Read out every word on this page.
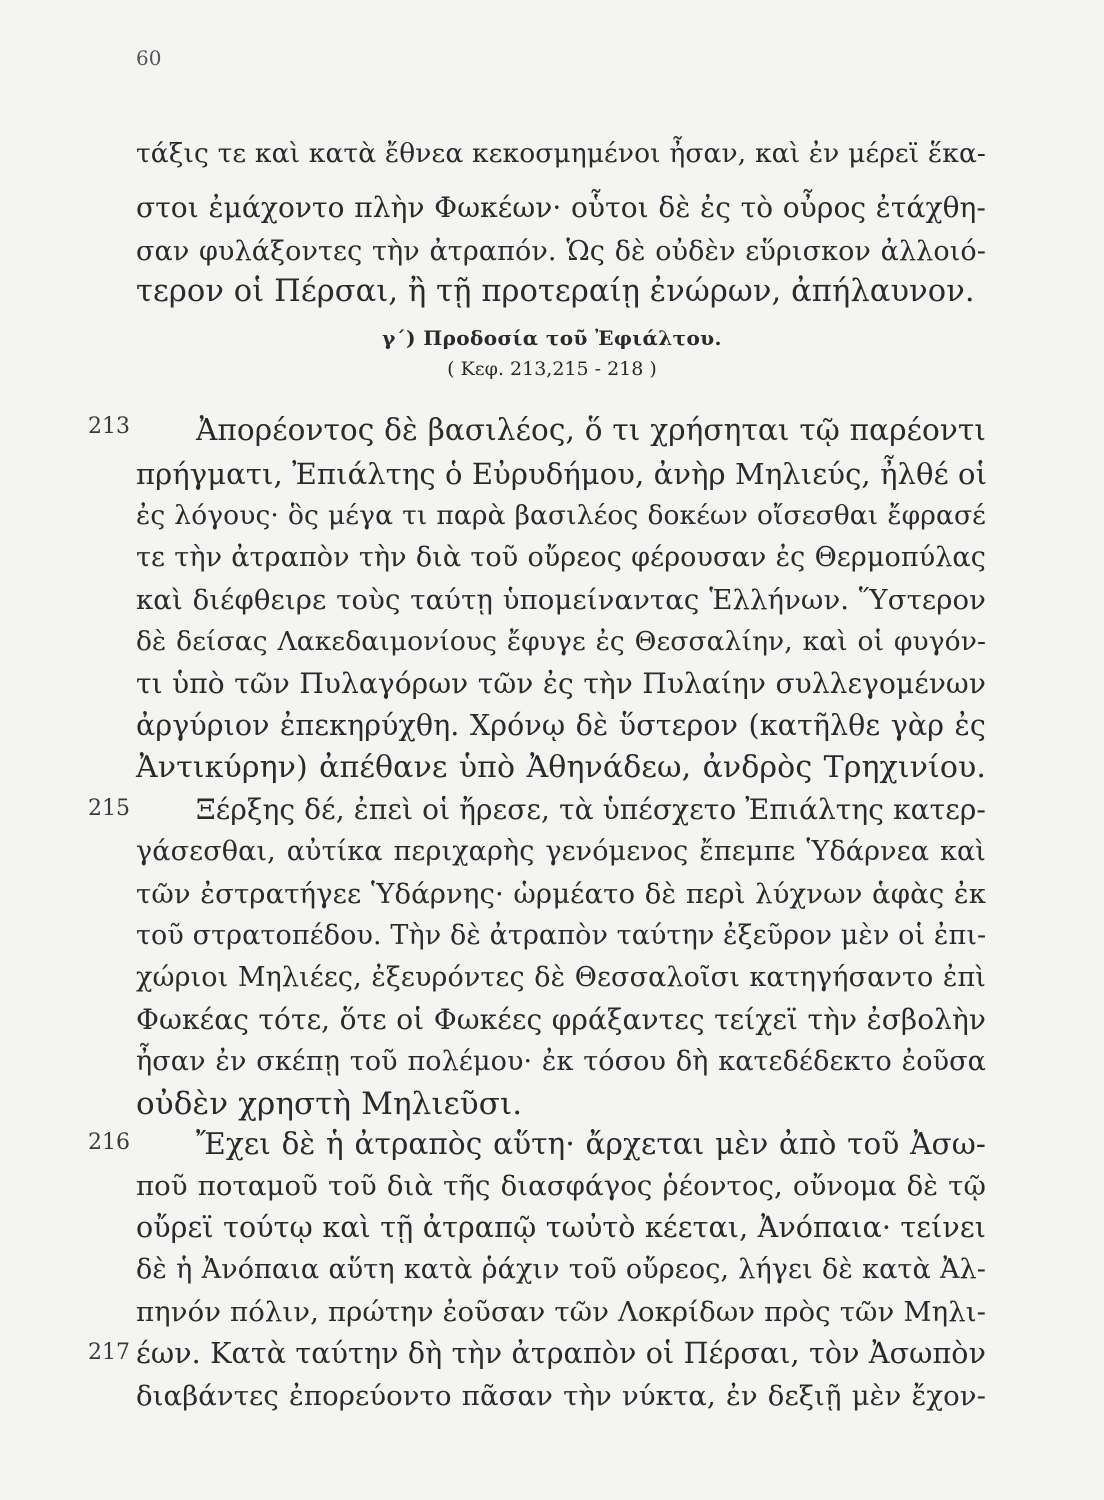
60
τάξις τε καὶ κατὰ ἔθνεα κεκοσμημένοι ἦσαν, καὶ ἐν μέρεϊ ἕκα-
στοι ἐμάχοντο πλὴν Φωκέων· οὗτοι δὲ ἐς τὸ οὖρος ἐτάχθη-
σαν φυλάξοντες τὴν ἀτραπόν. Ὡς δὲ οὐδὲν εὕρισκον ἀλλοιό-
τερον οἱ Πέρσαι, ἢ τῇ προτεραίῃ ἐνώρων, ἀπήλαυνον.
γ΄) Προδοσία τοῦ Ἐφιάλτου.
( Κεφ. 213,215 - 218 )
213 Ἀπορέοντος δὲ βασιλέος, ὅ τι χρήσηται τῷ παρέοντι
πρήγματι, Ἐπιάλτης ὁ Εὐρυδήμου, ἀνὴρ Μηλιεύς, ἦλθέ οἱ
ἐς λόγους· ὃς μέγα τι παρὰ βασιλέος δοκέων οἴσεσθαι ἔφρασέ
τε τὴν ἀτραπὸν τὴν διὰ τοῦ οὔρεος φέρουσαν ἐς Θερμοπύλας
καὶ διέφθειρε τοὺς ταύτῃ ὑπομείναντας Ἑλλήνων. Ὕστερον
δὲ δείσας Λακεδαιμονίους ἔφυγε ἐς Θεσσαλίην, καὶ οἱ φυγόν-
τι ὑπὸ τῶν Πυλαγόρων τῶν ἐς τὴν Πυλαίην συλλεγομένων
ἀργύριον ἐπεκηρύχθη. Χρόνῳ δὲ ὕστερον (κατῆλθε γὰρ ἐς
Ἀντικύρην) ἀπέθανε ὑπὸ Ἀθηνάδεω, ἀνδρὸς Τρηχινίου.
215 Ξέρξης δέ, ἐπεὶ οἱ ἤρεσε, τὰ ὑπέσχετο Ἐπιάλτης κατερ-
γάσεσθαι, αὐτίκα περιχαρὴς γενόμενος ἔπεμπε Ὑδάρνεα καὶ
τῶν ἐστρατήγεε Ὑδάρνης· ὡρμέατο δὲ περὶ λύχνων ἁφὰς ἐκ
τοῦ στρατοπέδου. Τὴν δὲ ἀτραπὸν ταύτην ἐξεῦρον μὲν οἱ ἐπι-
χώριοι Μηλιέες, ἐξευρόντες δὲ Θεσσαλοῖσι κατηγήσαντο ἐπὶ
Φωκέας τότε, ὅτε οἱ Φωκέες φράξαντες τείχεϊ τὴν ἐσβολὴν
ἦσαν ἐν σκέπῃ τοῦ πολέμου· ἐκ τόσου δὴ κατεδέδεκτο ἐοῦσα
οὐδὲν χρηστὴ Μηλιεῦσι.
216 Ἔχει δὲ ἡ ἀτραπὸς αὕτη· ἄρχεται μὲν ἀπὸ τοῦ Ἀσω-
ποῦ ποταμοῦ τοῦ διὰ τῆς διασφάγος ῥέοντος, οὔνομα δὲ τῷ
οὔρεϊ τούτῳ καὶ τῇ ἀτραπῷ τωὐτὸ κέεται, Ἀνόπαια· τείνει
δὲ ἡ Ἀνόπαια αὕτη κατὰ ῥάχιν τοῦ οὔρεος, λήγει δὲ κατὰ Ἀλ-
πηνόν πόλιν, πρώτην ἐοῦσαν τῶν Λοκρίδων πρὸς τῶν Μηλι-
217 έων. Κατὰ ταύτην δὴ τὴν ἀτραπὸν οἱ Πέρσαι, τὸν Ἀσωπὸν
διαβάντες ἐπορεύοντο πᾶσαν τὴν νύκτα, ἐν δεξιῇ μὲν ἔχον-
